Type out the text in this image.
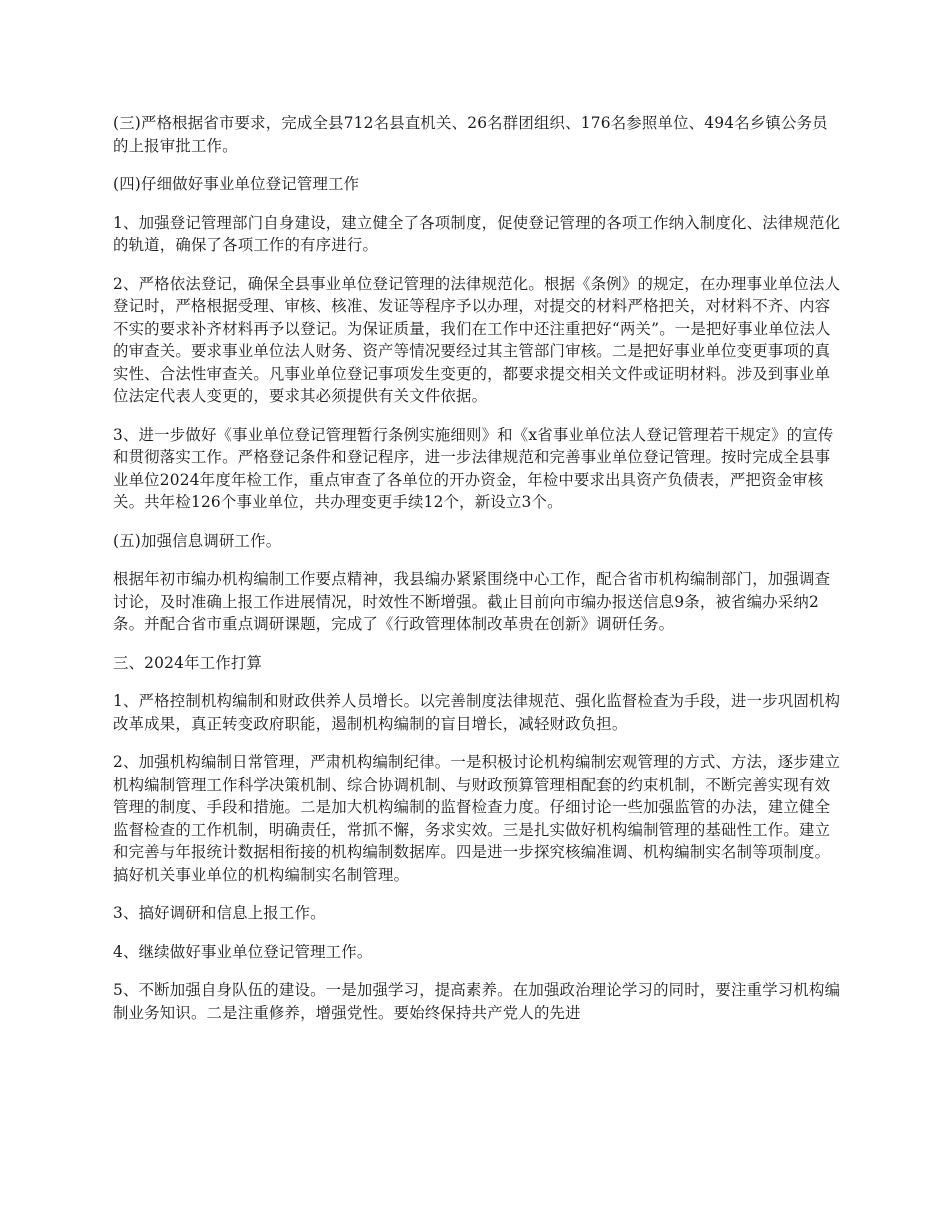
(三)严格根据省市要求，完成全县712名县直机关、26名群团组织、176名参照单位、494名乡镇公务员的上报审批工作。

(四)仔细做好事业单位登记管理工作

1、加强登记管理部门自身建设，建立健全了各项制度，促使登记管理的各项工作纳入制度化、法律规范化的轨道，确保了各项工作的有序进行。

2、严格依法登记，确保全县事业单位登记管理的法律规范化。根据《条例》的规定，在办理事业单位法人登记时，严格根据受理、审核、核准、发证等程序予以办理，对提交的材料严格把关，对材料不齐、内容不实的要求补齐材料再予以登记。为保证质量，我们在工作中还注重把好“两关”。一是把好事业单位法人的审查关。要求事业单位法人财务、资产等情况要经过其主管部门审核。二是把好事业单位变更事项的真实性、合法性审查关。凡事业单位登记事项发生变更的，都要求提交相关文件或证明材料。涉及到事业单位法定代表人变更的，要求其必须提供有关文件依据。

3、进一步做好《事业单位登记管理暂行条例实施细则》和《x省事业单位法人登记管理若干规定》的宣传和贯彻落实工作。严格登记条件和登记程序，进一步法律规范和完善事业单位登记管理。按时完成全县事业单位2024年度年检工作，重点审查了各单位的开办资金，年检中要求出具资产负债表，严把资金审核关。共年检126个事业单位，共办理变更手续12个，新设立3个。

(五)加强信息调研工作。

根据年初市编办机构编制工作要点精神，我县编办紧紧围绕中心工作，配合省市机构编制部门，加强调查讨论，及时准确上报工作进展情况，时效性不断增强。截止目前向市编办报送信息9条，被省编办采纳2条。并配合省市重点调研课题，完成了《行政管理体制改革贵在创新》调研任务。

三、2024年工作打算

1、严格控制机构编制和财政供养人员增长。以完善制度法律规范、强化监督检查为手段，进一步巩固机构改革成果，真正转变政府职能，遏制机构编制的盲目增长，减轻财政负担。

2、加强机构编制日常管理，严肃机构编制纪律。一是积极讨论机构编制宏观管理的方式、方法，逐步建立机构编制管理工作科学决策机制、综合协调机制、与财政预算管理相配套的约束机制，不断完善实现有效管理的制度、手段和措施。二是加大机构编制的监督检查力度。仔细讨论一些加强监管的办法，建立健全监督检查的工作机制，明确责任，常抓不懈，务求实效。三是扎实做好机构编制管理的基础性工作。建立和完善与年报统计数据相衔接的机构编制数据库。四是进一步探究核编准调、机构编制实名制等项制度。搞好机关事业单位的机构编制实名制管理。

3、搞好调研和信息上报工作。

4、继续做好事业单位登记管理工作。

5、不断加强自身队伍的建设。一是加强学习，提高素养。在加强政治理论学习的同时，要注重学习机构编制业务知识。二是注重修养，增强党性。要始终保持共产党人的先进
